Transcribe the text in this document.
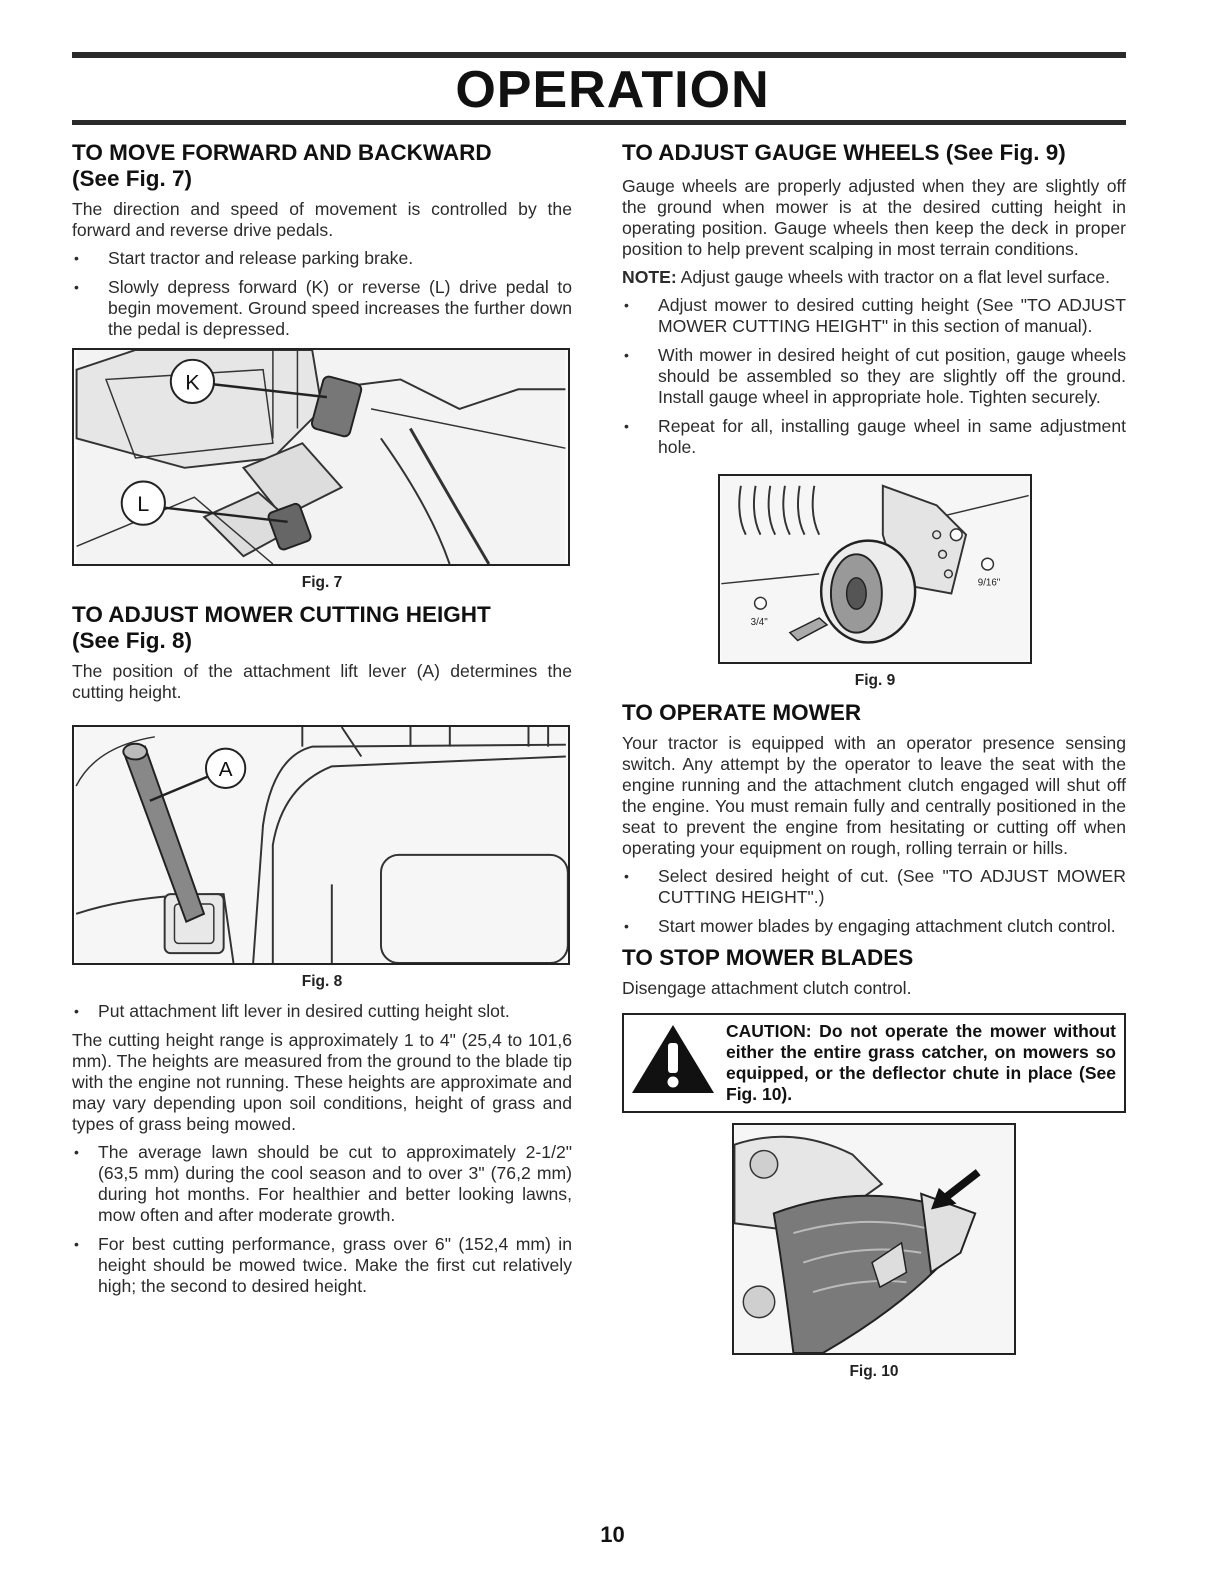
OPERATION
TO MOVE FORWARD AND BACKWARD
(See Fig. 7)

The direction and speed of movement is controlled by the forward and reverse drive pedals.

• Start tractor and release parking brake.
• Slowly depress forward (K) or reverse (L) drive pedal to begin movement. Ground speed increases the further down the pedal is depressed.
K
L
Fig. 7
TO ADJUST MOWER CUTTING HEIGHT
(See Fig. 8)

The position of the attachment lift lever (A) determines the cutting height.

A
Fig. 8
• Put attachment lift lever in desired cutting height slot.

The cutting height range is approximately 1 to 4" (25,4 to 101,6 mm). The heights are measured from the ground to the blade tip with the engine not running. These heights are approximate and may vary depending upon soil conditions, height of grass and types of grass being mowed.

• The average lawn should be cut to approximately 2-1/2" (63,5 mm) during the cool season and to over 3" (76,2 mm) during hot months. For healthier and better looking lawns, mow often and after moderate growth.
• For best cutting performance, grass over 6" (152,4 mm) in height should be mowed twice. Make the first cut relatively high; the second to desired height.
TO ADJUST GAUGE WHEELS (See Fig. 9)

Gauge wheels are properly adjusted when they are slightly off the ground when mower is at the desired cutting height in operating position. Gauge wheels then keep the deck in proper position to help prevent scalping in most terrain conditions.

NOTE: Adjust gauge wheels with tractor on a flat level surface.

• Adjust mower to desired cutting height (See "TO ADJUST MOWER CUTTING HEIGHT" in this section of manual).
• With mower in desired height of cut position, gauge wheels should be assembled so they are slightly off the ground. Install gauge wheel in appropriate hole. Tighten securely.
• Repeat for all, installing gauge wheel in same adjustment hole.
9/16"
3/4"
Fig. 9
TO OPERATE MOWER

Your tractor is equipped with an operator presence sensing switch. Any attempt by the operator to leave the seat with the engine running and the attachment clutch engaged will shut off the engine. You must remain fully and centrally positioned in the seat to prevent the engine from hesitating or cutting off when operating your equipment on rough, rolling terrain or hills.

• Select desired height of cut. (See "TO ADJUST MOWER CUTTING HEIGHT".)
• Start mower blades by engaging attachment clutch control.
TO STOP MOWER BLADES

Disengage attachment clutch control.

CAUTION: Do not operate the mower without either the entire grass catcher, on mowers so equipped, or the deflector chute in place (See Fig. 10).
Fig. 10
10
